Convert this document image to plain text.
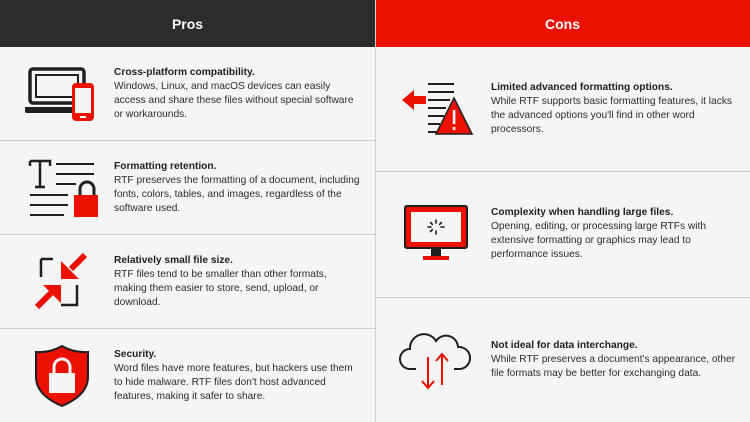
Pros
Cross-platform compatibility.
Windows, Linux, and macOS devices can easily access and share these files without special software or workarounds.
Formatting retention.
RTF preserves the formatting of a document, including fonts, colors, tables, and images, regardless of the software used.
Relatively small file size.
RTF files tend to be smaller than other formats, making them easier to store, send, upload, or download.
Security.
Word files have more features, but hackers use them to hide malware. RTF files don't host advanced features, making it safer to share.
Cons
Limited advanced formatting options.
While RTF supports basic formatting features, it lacks the advanced options you'll find in other word processors.
Complexity when handling large files.
Opening, editing, or processing large RTFs with extensive formatting or graphics may lead to performance issues.
Not ideal for data interchange.
While RTF preserves a document's appearance, other file formats may be better for exchanging data.
